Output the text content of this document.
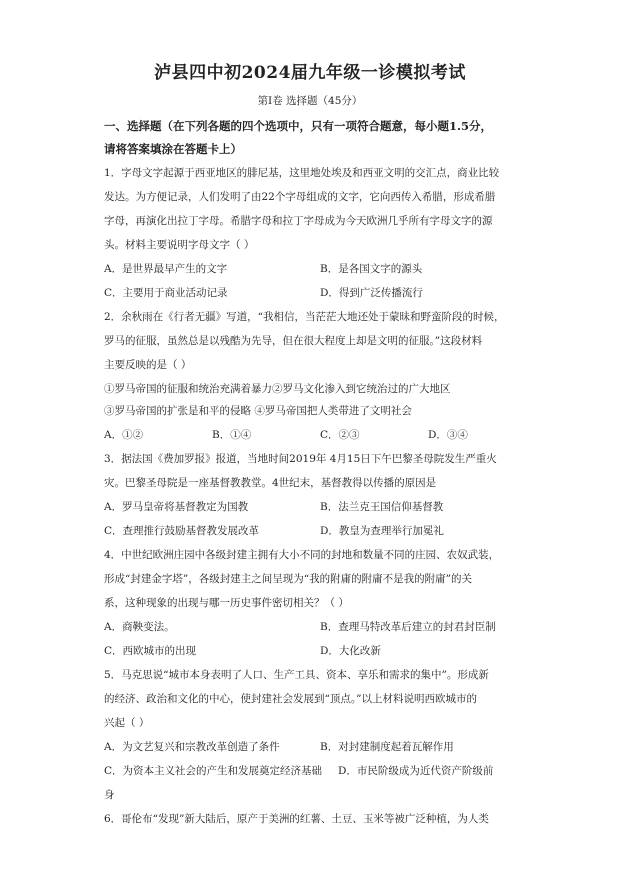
泸县四中初2024届九年级一诊模拟考试
第Ⅰ卷 选择题（45分）
一、选择题（在下列各题的四个选项中，只有一项符合题意，每小题1.5分，
请将答案填涂在答题卡上）
1．字母文字起源于西亚地区的腓尼基，这里地处埃及和西亚文明的交汇点，商业比较
发达。为方便记录，人们发明了由22个字母组成的文字，它向西传入希腊，形成希腊
字母，再演化出拉丁字母。希腊字母和拉丁字母成为今天欧洲几乎所有字母文字的源
头。材料主要说明字母文字（ ）
A．是世界最早产生的文字	B．是各国文字的源头
C．主要用于商业活动记录	D．得到广泛传播流行
2．余秋雨在《行者无疆》写道，“我相信，当茫茫大地还处于蒙昧和野蛮阶段的时候，
罗马的征服，虽然总是以残酷为先导，但在很大程度上却是文明的征服。”这段材料
主要反映的是（ ）
①罗马帝国的征服和统治充满着暴力②罗马文化渗入到它统治过的广大地区
③罗马帝国的扩张是和平的侵略 ④罗马帝国把人类带进了文明社会
A．①②	B．①④	C．②③	D．③④
3．据法国《费加罗报》报道，当地时间2019年 4月15日下午巴黎圣母院发生严重火
灾。巴黎圣母院是一座基督教教堂。4世纪末，基督教得以传播的原因是
A．罗马皇帝将基督教定为国教	B．法兰克王国信仰基督教
C．查理推行鼓励基督教发展改革	D．教皇为查理举行加冕礼
4．中世纪欧洲庄园中各级封建主拥有大小不同的封地和数量不同的庄园、农奴武装，
形成“封建金字塔”，各级封建主之间呈现为“我的附庸的附庸不是我的附庸”的关
系，这种现象的出现与哪一历史事件密切相关？（ ）
A．商鞅变法。	B．查理马特改革后建立的封君封臣制
C．西欧城市的出现	D．大化改新
5．马克思说“城市本身表明了人口、生产工具、资本、享乐和需求的集中”。形成新
的经济、政治和文化的中心，使封建社会发展到“顶点。”以上材料说明西欧城市的
兴起（ ）
A．为文艺复兴和宗教改革创造了条件	B．对封建制度起着瓦解作用
C．为资本主义社会的产生和发展奠定经济基础 D．市民阶级成为近代资产阶级前
身
6．哥伦布“发现”新大陆后，原产于美洲的红薯、土豆、玉米等被广泛种植，为人类
